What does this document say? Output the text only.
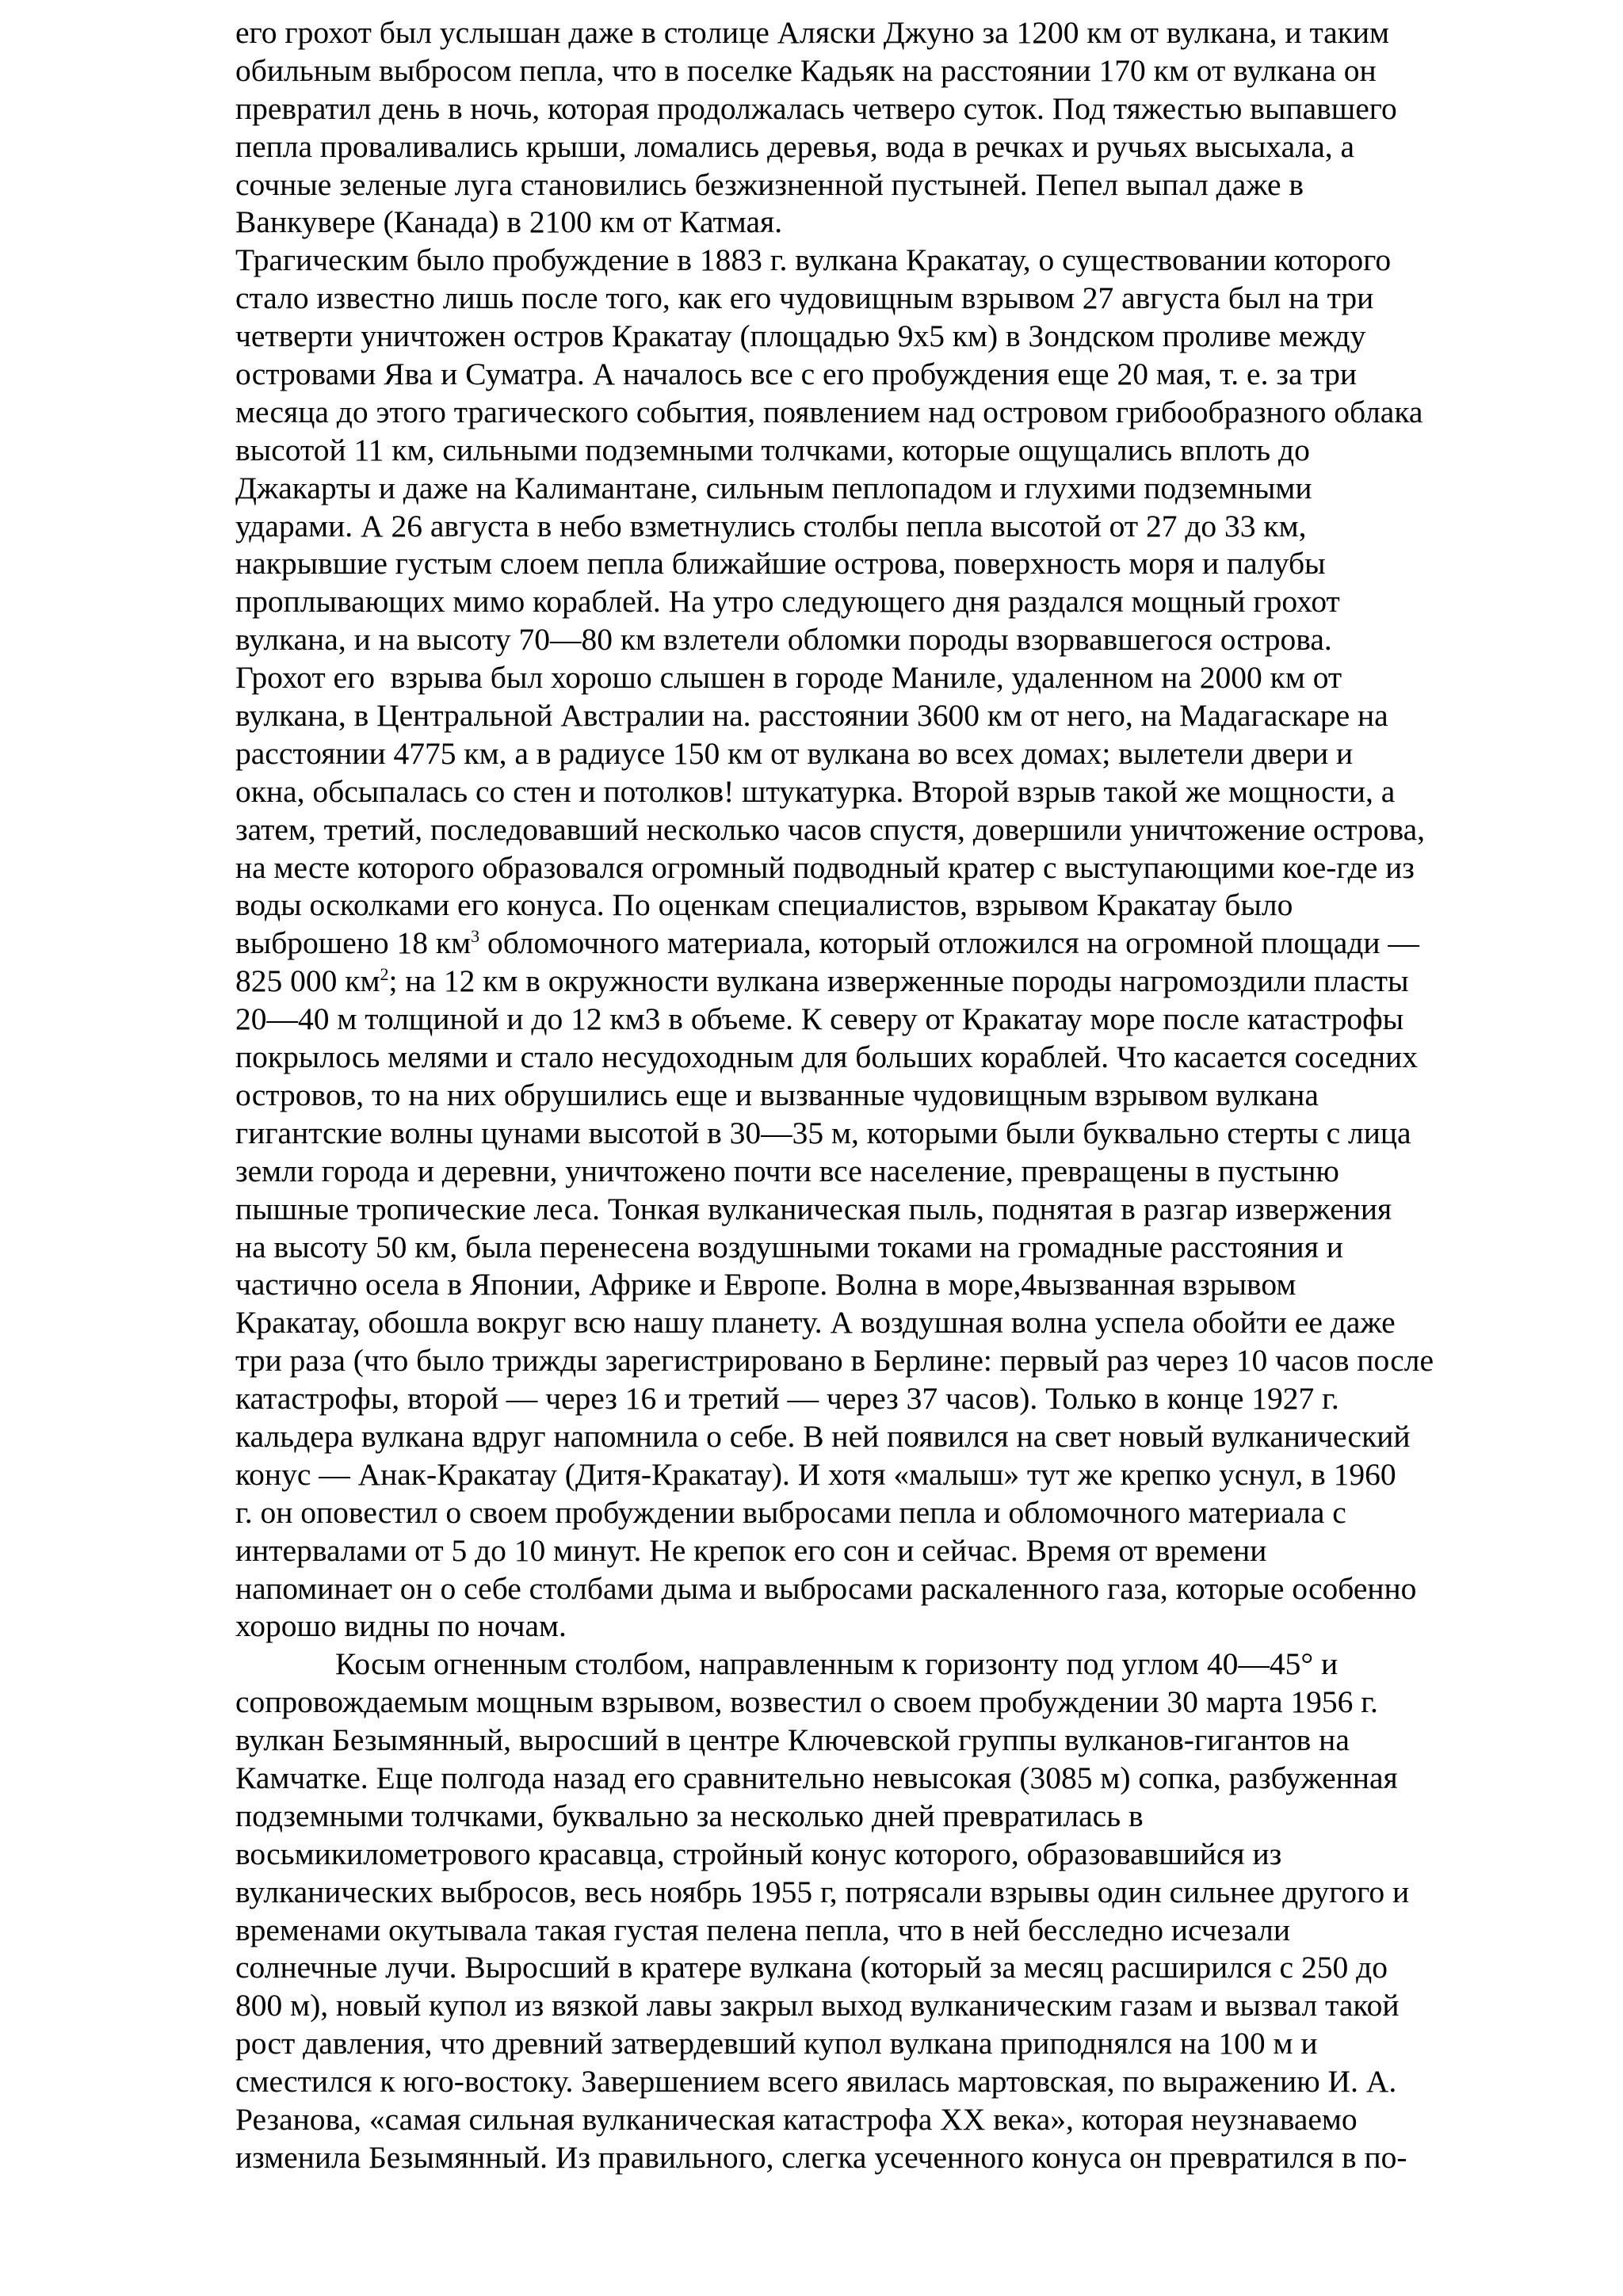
его грохот был услышан даже в столице Аляски Джуно за 1200 км от вулкана, и таким
обильным выбросом пепла, что в поселке Кадьяк на расстоянии 170 км от вулкана он
превратил день в ночь, которая продолжалась четверо суток. Под тяжестью выпавшего
пепла проваливались крыши, ломались деревья, вода в речках и ручьях высыхала, а
сочные зеленые луга становились безжизненной пустыней. Пепел выпал даже в
Ванкувере (Канада) в 2100 км от Катмая.
Трагическим было пробуждение в 1883 г. вулкана Кракатау, о существовании которого
стало известно лишь после того, как его чудовищным взрывом 27 августа был на три
четверти уничтожен остров Кракатау (площадью 9х5 км) в Зондском проливе между
островами Ява и Суматра. А началось все с его пробуждения еще 20 мая, т. е. за три
месяца до этого трагического события, появлением над островом грибообразного облака
высотой 11 км, сильными подземными толчками, которые ощущались вплоть до
Джакарты и даже на Калимантане, сильным пеплопадом и глухими подземными
ударами. А 26 августа в небо взметнулись столбы пепла высотой от 27 до 33 км,
накрывшие густым слоем пепла ближайшие острова, поверхность моря и палубы
проплывающих мимо кораблей. На утро следующего дня раздался мощный грохот
вулкана, и на высоту 70—80 км взлетели обломки породы взорвавшегося острова.
Грохот его  взрыва был хорошо слышен в городе Маниле, удаленном на 2000 км от
вулкана, в Центральной Австралии на. расстоянии 3600 км от него, на Мадагаскаре на
расстоянии 4775 км, а в радиусе 150 км от вулкана во всех домах; вылетели двери и
окна, обсыпалась со стен и потолков! штукатурка. Второй взрыв такой же мощности, а
затем, третий, последовавший несколько часов спустя, довершили уничтожение острова,
на месте которого образовался огромный подводный кратер с выступающими кое-где из
воды осколками его конуса. По оценкам специалистов, взрывом Кракатау было
выброшено 18 $км^3$ обломочного материала, который отложился на огромной площади —
825 000 $км^2$; на 12 км в окружности вулкана изверженные породы нагромоздили пласты
20—40 м толщиной и до 12 км3 в объеме. К северу от Кракатау море после катастрофы
покрылось мелями и стало несудоходным для больших кораблей. Что касается соседних
островов, то на них обрушились еще и вызванные чудовищным взрывом вулкана
гигантские волны цунами высотой в 30—35 м, которыми были буквально стерты с лица
земли города и деревни, уничтожено почти все население, превращены в пустыню
пышные тропические леса. Тонкая вулканическая пыль, поднятая в разгар извержения
на высоту 50 км, была перенесена воздушными токами на громадные расстояния и
частично осела в Японии, Африке и Европе. Волна в море,4вызванная взрывом
Кракатау, обошла вокруг всю нашу планету. А воздушная волна успела обойти ее даже
три раза (что было трижды зарегистрировано в Берлине: первый раз через 10 часов после
катастрофы, второй — через 16 и третий — через 37 часов). Только в конце 1927 г.
кальдера вулкана вдруг напомнила о себе. В ней появился на свет новый вулканический
конус — Анак-Кракатау (Дитя-Кракатау). И хотя «малыш» тут же крепко уснул, в 1960
г. он оповестил о своем пробуждении выбросами пепла и обломочного материала с
интервалами от 5 до 10 минут. Не крепок его сон и сейчас. Время от времени
напоминает он о себе столбами дыма и выбросами раскаленного газа, которые особенно
хорошо видны по ночам.
Косым огненным столбом, направленным к горизонту под углом 40—45° и
сопровождаемым мощным взрывом, возвестил о своем пробуждении 30 марта 1956 г.
вулкан Безымянный, выросший в центре Ключевской группы вулканов-гигантов на
Камчатке. Еще полгода назад его сравнительно невысокая (3085 м) сопка, разбуженная
подземными толчками, буквально за несколько дней превратилась в
восьмикилометрового красавца, стройный конус которого, образовавшийся из
вулканических выбросов, весь ноябрь 1955 г, потрясали взрывы один сильнее другого и
временами окутывала такая густая пелена пепла, что в ней бесследно исчезали
солнечные лучи. Выросший в кратере вулкана (который за месяц расширился с 250 до
800 м), новый купол из вязкой лавы закрыл выход вулканическим газам и вызвал такой
рост давления, что древний затвердевший купол вулкана приподнялся на 100 м и
сместился к юго-востоку. Завершением всего явилась мартовская, по выражению И. А.
Резанова, «самая сильная вулканическая катастрофа XX века», которая неузнаваемо
изменила Безымянный. Из правильного, слегка усеченного конуса он превратился в по-
